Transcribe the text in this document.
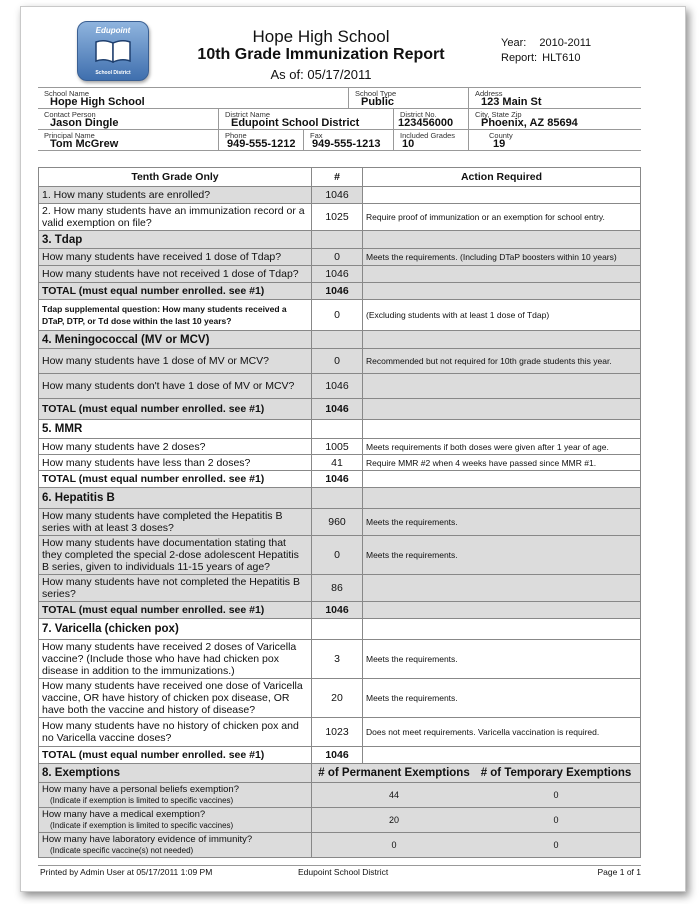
Edupoint
School District
Hope High School
10th Grade Immunization Report
As of: 05/17/2011
Year: 2010-2011
Report: HLT610
School Name
Hope High School
School Type
Public
Address
123 Main St
Contact Person
Jason Dingle
District Name
Edupoint School District
District No.
123456000
City, State Zip
Phoenix, AZ 85694
Principal Name
Tom McGrew
Phone
949-555-1212
Fax
949-555-1213
Included Grades
10
County
19
Tenth Grade Only	#	Action Required
1. How many students are enrolled?	1046	
2. How many students have an immunization record or a valid exemption on file?	1025	Require proof of immunization or an exemption for school entry.
3. Tdap		
How many students have received 1 dose of Tdap?	0	Meets the requirements. (Including DTaP boosters within 10 years)
How many students have not received 1 dose of Tdap?	1046	
TOTAL (must equal number enrolled. see #1)	1046	
Tdap supplemental question: How many students received a DTaP, DTP, or Td dose within the last 10 years?	0	(Excluding students with at least 1 dose of Tdap)
4. Meningococcal (MV or MCV)		
How many students have 1 dose of MV or MCV?	0	Recommended but not required for 10th grade students this year.
How many students don't have 1 dose of MV or MCV?	1046	
TOTAL (must equal number enrolled. see #1)	1046	
5. MMR		
How many students have 2 doses?	1005	Meets requirements if both doses were given after 1 year of age.
How many students have less than 2 doses?	41	Require MMR #2 when 4 weeks have passed since MMR #1.
TOTAL (must equal number enrolled. see #1)	1046	
6. Hepatitis B		
How many students have completed the Hepatitis B series with at least 3 doses?	960	Meets the requirements.
How many students have documentation stating that they completed the special 2-dose adolescent Hepatitis B series, given to individuals 11-15 years of age?	0	Meets the requirements.
How many students have not completed the Hepatitis B series?	86	
TOTAL (must equal number enrolled. see #1)	1046	
7. Varicella (chicken pox)		
How many students have received 2 doses of Varicella vaccine? (Include those who have had chicken pox disease in addition to the immunizations.)	3	Meets the requirements.
How many students have received one dose of Varicella vaccine, OR have history of chicken pox disease, OR have both the vaccine and history of disease?	20	Meets the requirements.
How many students have no history of chicken pox and no Varicella vaccine doses?	1023	Does not meet requirements. Varicella vaccination is required.
TOTAL (must equal number enrolled. see #1)	1046	
8. Exemptions	# of Permanent Exemptions # of Temporary Exemptions	
How many have a personal beliefs exemption?
(Indicate if exemption is limited to specific vaccines)	44 0	
How many have a medical exemption?
(Indicate if exemption is limited to specific vaccines)	20 0	
How many have laboratory evidence of immunity?
(Indicate specific vaccine(s) not needed)	0 0	
Printed by Admin User at 05/17/2011 1:09 PM	Edupoint School District	Page 1 of 1
